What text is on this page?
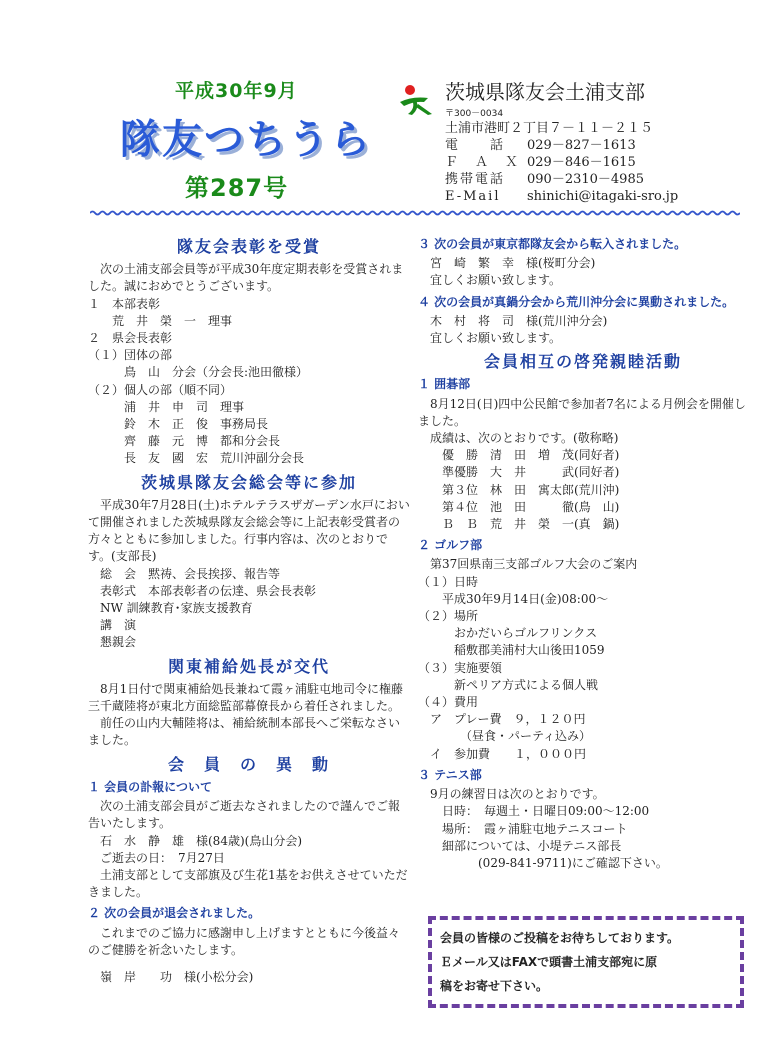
平成30年9月
隊友つちうら
第287号
茨城県隊友会土浦支部
〒300－0034
土浦市港町２丁目７－１１－２１５
電　　話	029－827－1613
Ｆ　Ａ　Ｘ 029－846－1615
携帯電話	090－2310－4985
E-Mail	shinichi@itagaki-sro.jp
隊友会表彰を受賞

　次の土浦支部会員等が平成30年度定期表彰を受賞されました。誠におめでとうございます。

１　本部表彰

　　荒　井　榮　一　理事

２　県会長表彰

（１）団体の部

　　　鳥　山　分会（分会長:池田徹様）

（２）個人の部（順不同）

　　　浦　井　申　司　理事

　　　鈴　木　正　俊　事務局長

　　　齊　藤　元　博　都和分会長

　　　長　友　國　宏　荒川沖副分会長

茨城県隊友会総会等に参加

　平成30年7月28日(土)ホテルテラスザガーデン水戸において開催されました茨城県隊友会総会等に上記表彰受賞者の方々とともに参加しました。行事内容は、次のとおりです。(支部長)

　総　会　黙祷、会長挨拶、報告等

　表彰式　本部表彰者の伝達、県会長表彰

　NW 訓練教育･家族支援教育

　講　演

　懇親会

関東補給処長が交代

　8月1日付で関東補給処長兼ねて霞ヶ浦駐屯地司令に権藤三千蔵陸将が東北方面総監部幕僚長から着任されました。

　前任の山内大輔陸将は、補給統制本部長へご栄転なさいました。

会　員　の　異　動
１ 会員の訃報について

　次の土浦支部会員がご逝去なされましたので謹んでご報告いたします。

　石　水　静　雄　様(84歳)(鳥山分会)

　ご逝去の日：　7月27日

　土浦支部として支部旗及び生花1基をお供えさせていただきました。

２ 次の会員が退会されました。

　これまでのご協力に感謝申し上げますとともに今後益々のご健勝を祈念いたします。

　嶺　岸　　功　様(小松分会)

３ 次の会員が東京都隊友会から転入されました。

　宮　崎　繁　幸　様(桜町分会)

　宜しくお願い致します。

４ 次の会員が真鍋分会から荒川沖分会に異動されました。

　木　村　将　司　様(荒川沖分会)

　宜しくお願い致します。

会員相互の啓発親睦活動
１ 囲碁部

　8月12日(日)四中公民館で参加者7名による月例会を開催しました。

　成績は、次のとおりです。(敬称略)

　　優　勝　清　田　増　茂(同好者)

　　準優勝　大　井　　　武(同好者)

　　第３位　林　田　寓太郎(荒川沖)

　　第４位　池　田　　　徹(鳥　山)

　　Ｂ　Ｂ　荒　井　榮　一(真　鍋)

２ ゴルフ部

　第37回県南三支部ゴルフ大会のご案内

（１）日時

　　平成30年9月14日(金)08:00～

（２）場所

　　　おかだいらゴルフリンクス

　　　稲敷郡美浦村大山後田1059

（３）実施要領

　　　新ペリア方式による個人戦

（４）費用

　ア　プレー費　９，１２０円

　　　　（昼食・パーティ込み）

　イ　参加費　　１，０００円

３ テニス部

　9月の練習日は次のとおりです。

　　日時：　毎週土・日曜日09:00～12:00

　　場所：　霞ヶ浦駐屯地テニスコート

　　細部については、小堤テニス部長

　　　　　(029-841-9711)にご確認下さい。

会員の皆様のご投稿をお待ちしております。
Ｅメール又はFAXで頭書土浦支部宛に原
稿をお寄せ下さい。
